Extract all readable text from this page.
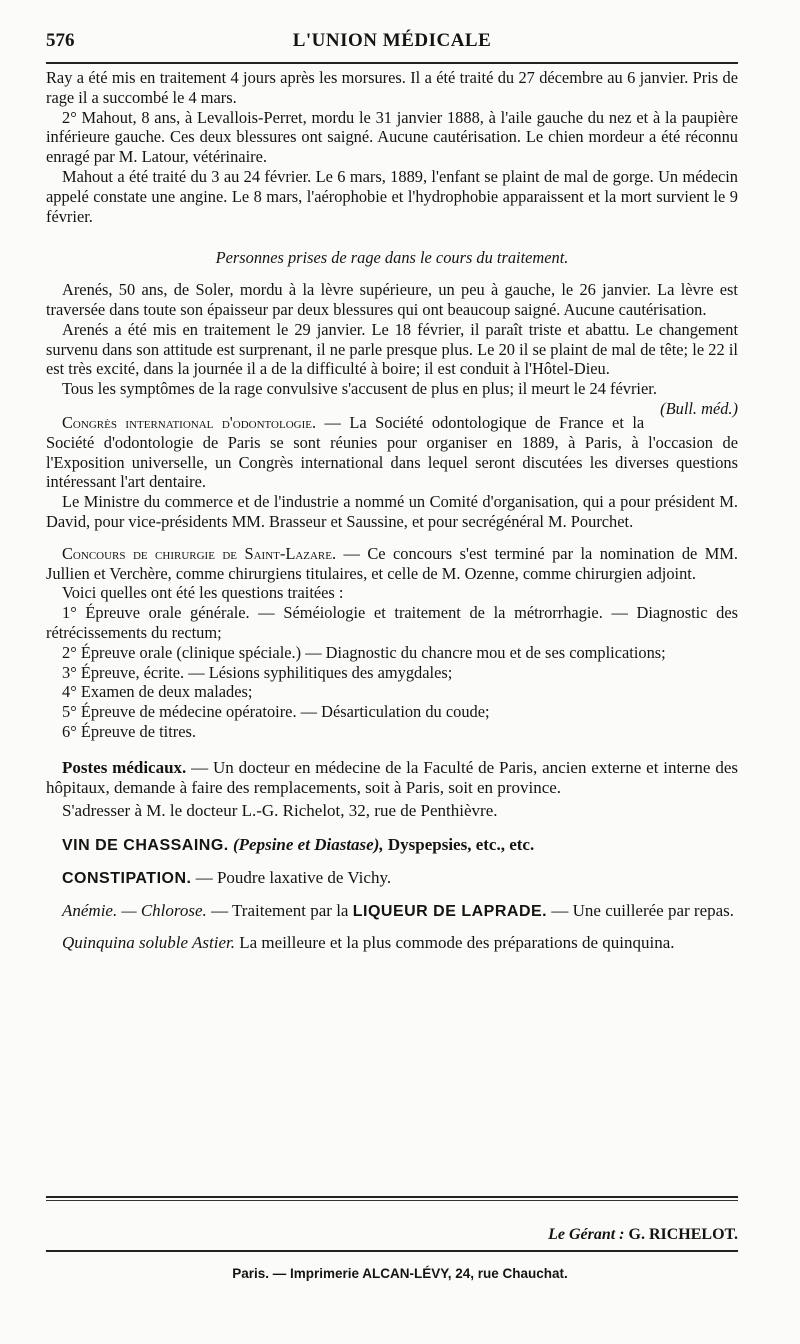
576	L'UNION MÉDICALE

Ray a été mis en traitement 4 jours après les morsures. Il a été traité du 27 décembre au 6 janvier. Pris de rage il a succombé le 4 mars.

2° Mahout, 8 ans, à Levallois-Perret, mordu le 31 janvier 1888, à l'aile gauche du nez et à la paupière inférieure gauche. Ces deux blessures ont saigné. Aucune cautérisation. Le chien mordeur a été réconnu enragé par M. Latour, vétérinaire.

Mahout a été traité du 3 au 24 février. Le 6 mars, 1889, l'enfant se plaint de mal de gorge. Un médecin appelé constate une angine. Le 8 mars, l'aérophobie et l'hydrophobie apparaissent et la mort survient le 9 février.

Personnes prises de rage dans le cours du traitement.

Arenés, 50 ans, de Soler, mordu à la lèvre supérieure, un peu à gauche, le 26 janvier. La lèvre est traversée dans toute son épaisseur par deux blessures qui ont beaucoup saigné. Aucune cautérisation.

Arenés a été mis en traitement le 29 janvier. Le 18 février, il paraît triste et abattu. Le changement survenu dans son attitude est surprenant, il ne parle presque plus. Le 20 il se plaint de mal de tête; le 22 il est très excité, dans la journée il a de la difficulté à boire; il est conduit à l'Hôtel-Dieu.

Tous les symptômes de la rage convulsive s'accusent de plus en plus; il meurt le 24 février.
(Bull. méd.)

Congrès international d'odontologie. — La Société odontologique de France et la Société d'odontologie de Paris se sont réunies pour organiser en 1889, à Paris, à l'occasion de l'Exposition universelle, un Congrès international dans lequel seront discutées les diverses questions intéressant l'art dentaire.

Le Ministre du commerce et de l'industrie a nommé un Comité d'organisation, qui a pour président M. David, pour vice-présidents MM. Brasseur et Saussine, et pour secrégénéral M. Pourchet.

Concours de chirurgie de Saint-Lazare. — Ce concours s'est terminé par la nomination de MM. Jullien et Verchère, comme chirurgiens titulaires, et celle de M. Ozenne, comme chirurgien adjoint.

Voici quelles ont été les questions traitées :

1° Épreuve orale générale. — Séméiologie et traitement de la métrorrhagie. — Diagnostic des rétrécissements du rectum;

2° Épreuve orale (clinique spéciale.) — Diagnostic du chancre mou et de ses complications;

3° Épreuve, écrite. — Lésions syphilitiques des amygdales;

4° Examen de deux malades;

5° Épreuve de médecine opératoire. — Désarticulation du coude;

6° Épreuve de titres.

Postes médicaux. — Un docteur en médecine de la Faculté de Paris, ancien externe et interne des hôpitaux, demande à faire des remplacements, soit à Paris, soit en province.

S'adresser à M. le docteur L.-G. Richelot, 32, rue de Penthièvre.

VIN DE CHASSAING. (Pepsine et Diastase), Dyspepsies, etc., etc.

CONSTIPATION. — Poudre laxative de Vichy.

Anémie. — Chlorose. — Traitement par la LIQUEUR DE LAPRADE. — Une cuillerée par repas.

Quinquina soluble Astier. La meilleure et la plus commode des préparations de quinquina.

Le Gérant : G. RICHELOT.
Paris. — Imprimerie ALCAN-LÉVY, 24, rue Chauchat.
